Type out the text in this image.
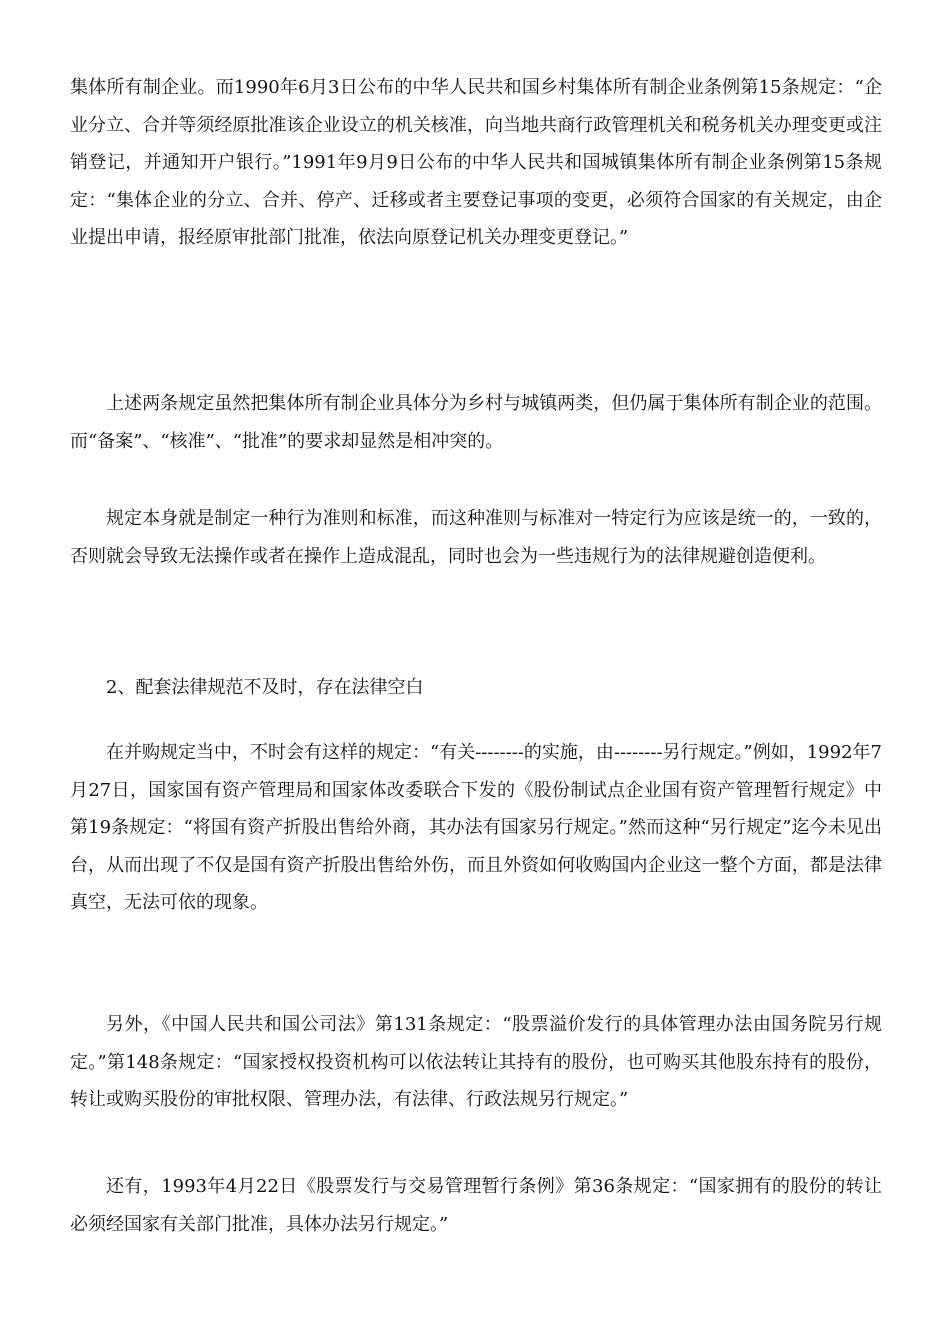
集体所有制企业。而1990年6月3日公布的中华人民共和国乡村集体所有制企业条例第15条规定：“企业分立、合并等须经原批准该企业设立的机关核准，向当地共商行政管理机关和税务机关办理变更或注销登记，并通知开户银行。”1991年9月9日公布的中华人民共和国城镇集体所有制企业条例第15条规定：“集体企业的分立、合并、停产、迁移或者主要登记事项的变更，必须符合国家的有关规定，由企业提出申请，报经原审批部门批准，依法向原登记机关办理变更登记。”

上述两条规定虽然把集体所有制企业具体分为乡村与城镇两类，但仍属于集体所有制企业的范围。而“备案”、“核准”、“批准”的要求却显然是相冲突的。

规定本身就是制定一种行为准则和标准，而这种准则与标准对一特定行为应该是统一的，一致的，否则就会导致无法操作或者在操作上造成混乱，同时也会为一些违规行为的法律规避创造便利。

2、配套法律规范不及时，存在法律空白

在并购规定当中，不时会有这样的规定：“有关--------的实施，由--------另行规定。”例如，1992年7月27日，国家国有资产管理局和国家体改委联合下发的《股份制试点企业国有资产管理暂行规定》中第19条规定：“将国有资产折股出售给外商，其办法有国家另行规定。”然而这种“另行规定”迄今未见出台，从而出现了不仅是国有资产折股出售给外伤，而且外资如何收购国内企业这一整个方面，都是法律真空，无法可依的现象。

另外，《中国人民共和国公司法》第131条规定：“股票溢价发行的具体管理办法由国务院另行规定。”第148条规定：“国家授权投资机构可以依法转让其持有的股份，也可购买其他股东持有的股份，转让或购买股份的审批权限、管理办法，有法律、行政法规另行规定。”

还有，1993年4月22日《股票发行与交易管理暂行条例》第36条规定：“国家拥有的股份的转让必须经国家有关部门批准，具体办法另行规定。”
